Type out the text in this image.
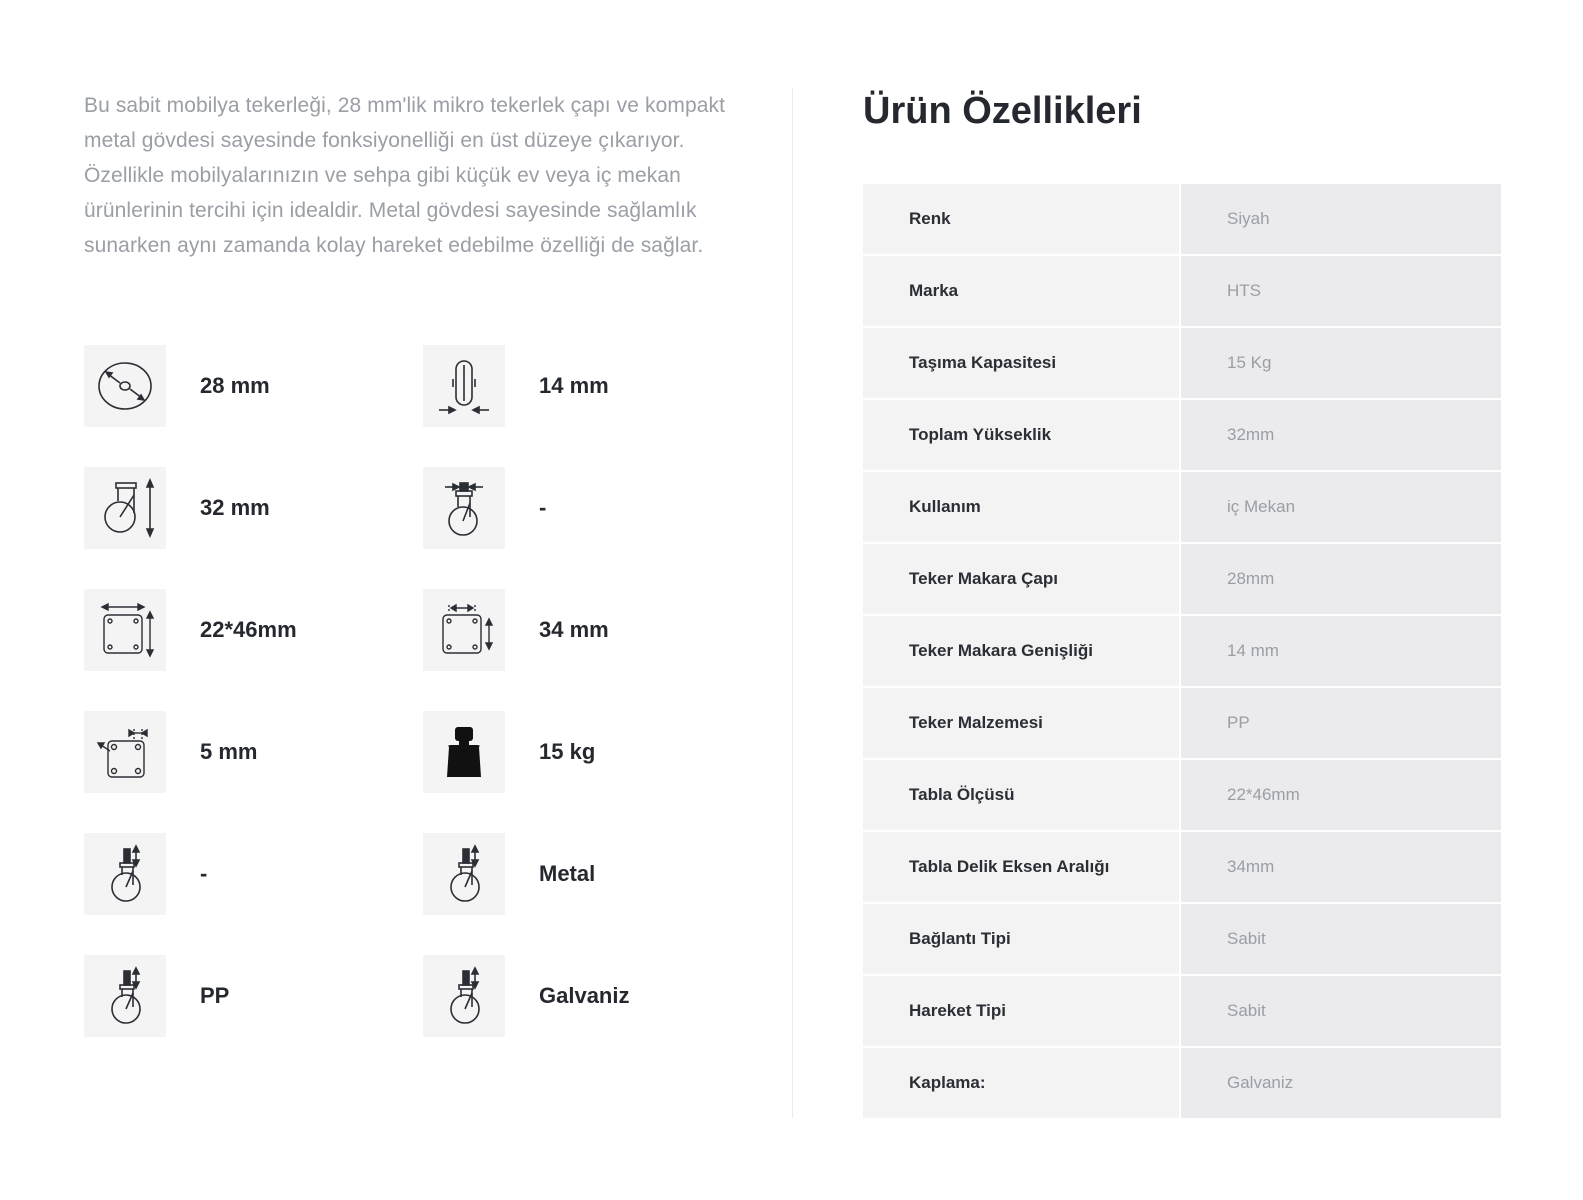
Bu sabit mobilya tekerleği, 28 mm'lik mikro tekerlek çapı ve kompakt metal gövdesi sayesinde fonksiyonelliği en üst düzeye çıkarıyor. Özellikle mobilyalarınızın ve sehpa gibi küçük ev veya iç mekan ürünlerinin tercihi için idealdir. Metal gövdesi sayesinde sağlamlık sunarken aynı zamanda kolay hareket edebilme özelliği de sağlar.

28 mm	14 mm
32 mm	-
22*46mm	34 mm
5 mm	15 kg
-	Metal
PP	Galvaniz
Ürün Özellikleri
Renk	Siyah
Marka	HTS
Taşıma Kapasitesi	15 Kg
Toplam Yükseklik	32mm
Kullanım	iç Mekan
Teker Makara Çapı	28mm
Teker Makara Genişliği	14 mm
Teker Malzemesi	PP
Tabla Ölçüsü	22*46mm
Tabla Delik Eksen Aralığı	34mm
Bağlantı Tipi	Sabit
Hareket Tipi	Sabit
Kaplama:	Galvaniz
